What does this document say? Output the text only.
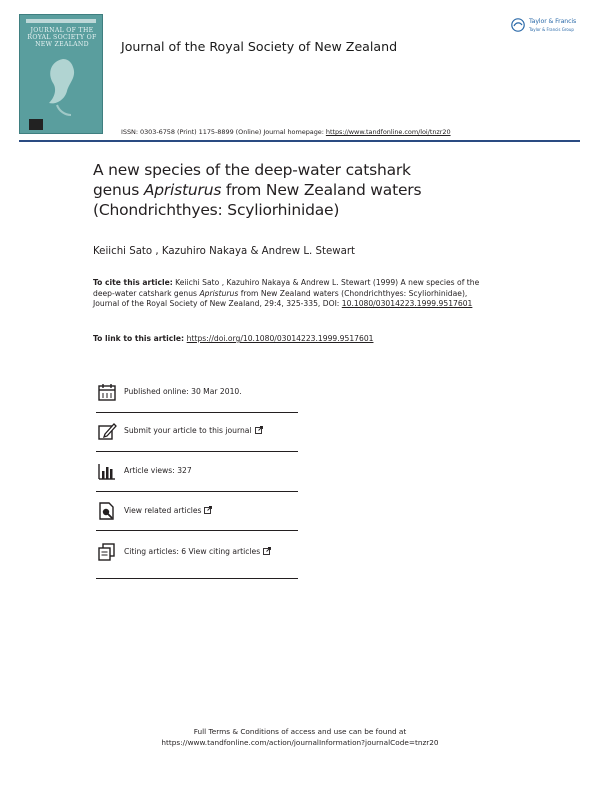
JOURNAL OF THE ROYAL SOCIETY OF NEW ZEALAND	Journal of the Royal Society of New Zealand
Taylor & Francis
Taylor & Francis Group
ISSN: 0303-6758 (Print) 1175-8899 (Online) Journal homepage: https://www.tandfonline.com/loi/tnzr20
A new species of the deep-water catshark
genus Apristurus from New Zealand waters
(Chondrichthyes: Scyliorhinidae)
Keiichi Sato , Kazuhiro Nakaya & Andrew L. Stewart
To cite this article: Keiichi Sato , Kazuhiro Nakaya & Andrew L. Stewart (1999) A new species of the deep-water catshark genus Apristurus from New Zealand waters (Chondrichthyes: Scyliorhinidae), Journal of the Royal Society of New Zealand, 29:4, 325-335, DOI: 10.1080/03014223.1999.9517601
To link to this article: https://doi.org/10.1080/03014223.1999.9517601
Published online: 30 Mar 2010.
Submit your article to this journal
Article views: 327
View related articles
Citing articles: 6 View citing articles
Full Terms & Conditions of access and use can be found at
https://www.tandfonline.com/action/journalInformation?journalCode=tnzr20
